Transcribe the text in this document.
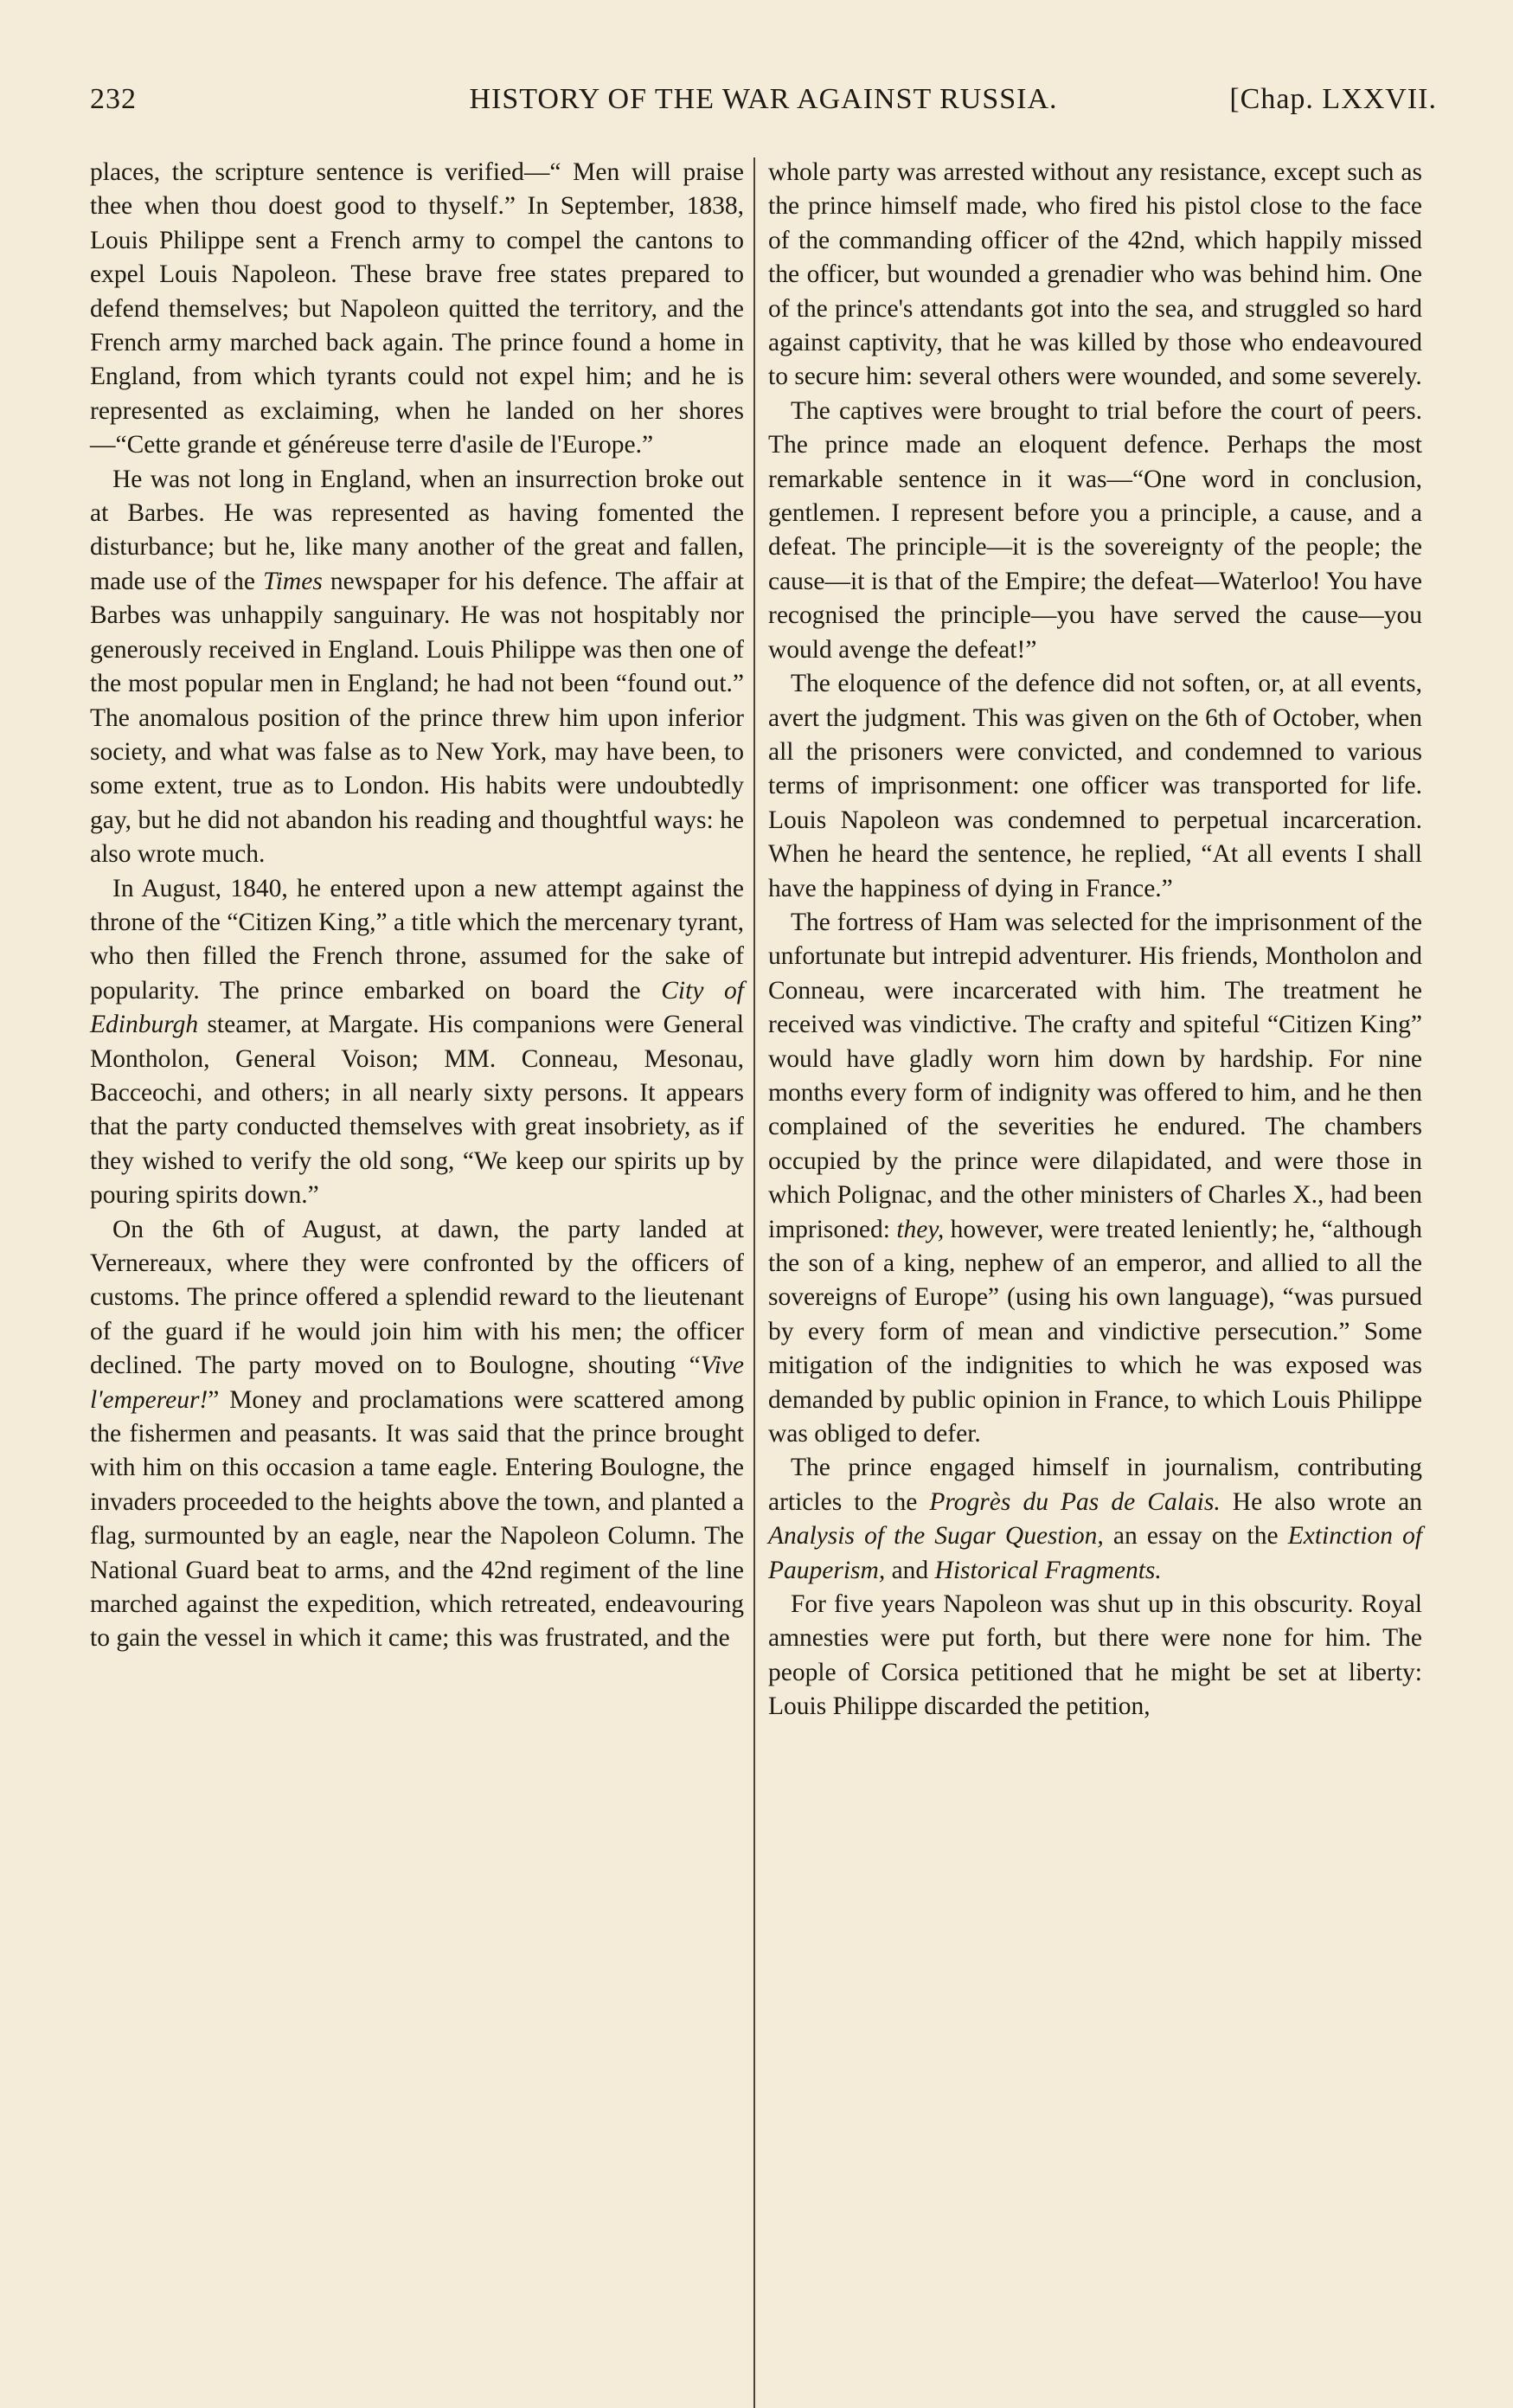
232	HISTORY OF THE WAR AGAINST RUSSIA.	[Chap. LXXVII.

places, the scripture sentence is verified—“ Men will praise thee when thou doest good to thyself.” In September, 1838, Louis Philippe sent a French army to compel the cantons to expel Louis Napoleon. These brave free states prepared to defend themselves; but Napoleon quitted the territory, and the French army marched back again. The prince found a home in England, from which tyrants could not expel him; and he is represented as exclaiming, when he landed on her shores—“Cette grande et généreuse terre d'asile de l'Europe.”

He was not long in England, when an insurrection broke out at Barbes. He was represented as having fomented the disturbance; but he, like many another of the great and fallen, made use of the Times newspaper for his defence. The affair at Barbes was unhappily sanguinary. He was not hospitably nor generously received in England. Louis Philippe was then one of the most popular men in England; he had not been “found out.” The anomalous position of the prince threw him upon inferior society, and what was false as to New York, may have been, to some extent, true as to London. His habits were undoubtedly gay, but he did not abandon his reading and thoughtful ways: he also wrote much.

In August, 1840, he entered upon a new attempt against the throne of the “Citizen King,” a title which the mercenary tyrant, who then filled the French throne, assumed for the sake of popularity. The prince embarked on board the City of Edinburgh steamer, at Margate. His companions were General Montholon, General Voison; MM. Conneau, Mesonau, Bacceochi, and others; in all nearly sixty persons. It appears that the party conducted themselves with great insobriety, as if they wished to verify the old song, “We keep our spirits up by pouring spirits down.”

On the 6th of August, at dawn, the party landed at Vernereaux, where they were confronted by the officers of customs. The prince offered a splendid reward to the lieutenant of the guard if he would join him with his men; the officer declined. The party moved on to Boulogne, shouting “Vive l'empereur!” Money and proclamations were scattered among the fishermen and peasants. It was said that the prince brought with him on this occasion a tame eagle. Entering Boulogne, the invaders proceeded to the heights above the town, and planted a flag, surmounted by an eagle, near the Napoleon Column. The National Guard beat to arms, and the 42nd regiment of the line marched against the expedition, which retreated, endeavouring to gain the vessel in which it came; this was frustrated, and the

whole party was arrested without any resistance, except such as the prince himself made, who fired his pistol close to the face of the commanding officer of the 42nd, which happily missed the officer, but wounded a grenadier who was behind him. One of the prince's attendants got into the sea, and struggled so hard against captivity, that he was killed by those who endeavoured to secure him: several others were wounded, and some severely.

The captives were brought to trial before the court of peers. The prince made an eloquent defence. Perhaps the most remarkable sentence in it was—“One word in conclusion, gentlemen. I represent before you a principle, a cause, and a defeat. The principle—it is the sovereignty of the people; the cause—it is that of the Empire; the defeat—Waterloo! You have recognised the principle—you have served the cause—you would avenge the defeat!”

The eloquence of the defence did not soften, or, at all events, avert the judgment. This was given on the 6th of October, when all the prisoners were convicted, and condemned to various terms of imprisonment: one officer was transported for life. Louis Napoleon was condemned to perpetual incarceration. When he heard the sentence, he replied, “At all events I shall have the happiness of dying in France.”

The fortress of Ham was selected for the imprisonment of the unfortunate but intrepid adventurer. His friends, Montholon and Conneau, were incarcerated with him. The treatment he received was vindictive. The crafty and spiteful “Citizen King” would have gladly worn him down by hardship. For nine months every form of indignity was offered to him, and he then complained of the severities he endured. The chambers occupied by the prince were dilapidated, and were those in which Polignac, and the other ministers of Charles X., had been imprisoned: they, however, were treated leniently; he, “although the son of a king, nephew of an emperor, and allied to all the sovereigns of Europe” (using his own language), “was pursued by every form of mean and vindictive persecution.” Some mitigation of the indignities to which he was exposed was demanded by public opinion in France, to which Louis Philippe was obliged to defer.

The prince engaged himself in journalism, contributing articles to the Progrès du Pas de Calais. He also wrote an Analysis of the Sugar Question, an essay on the Extinction of Pauperism, and Historical Fragments.

For five years Napoleon was shut up in this obscurity. Royal amnesties were put forth, but there were none for him. The people of Corsica petitioned that he might be set at liberty: Louis Philippe discarded the petition,
